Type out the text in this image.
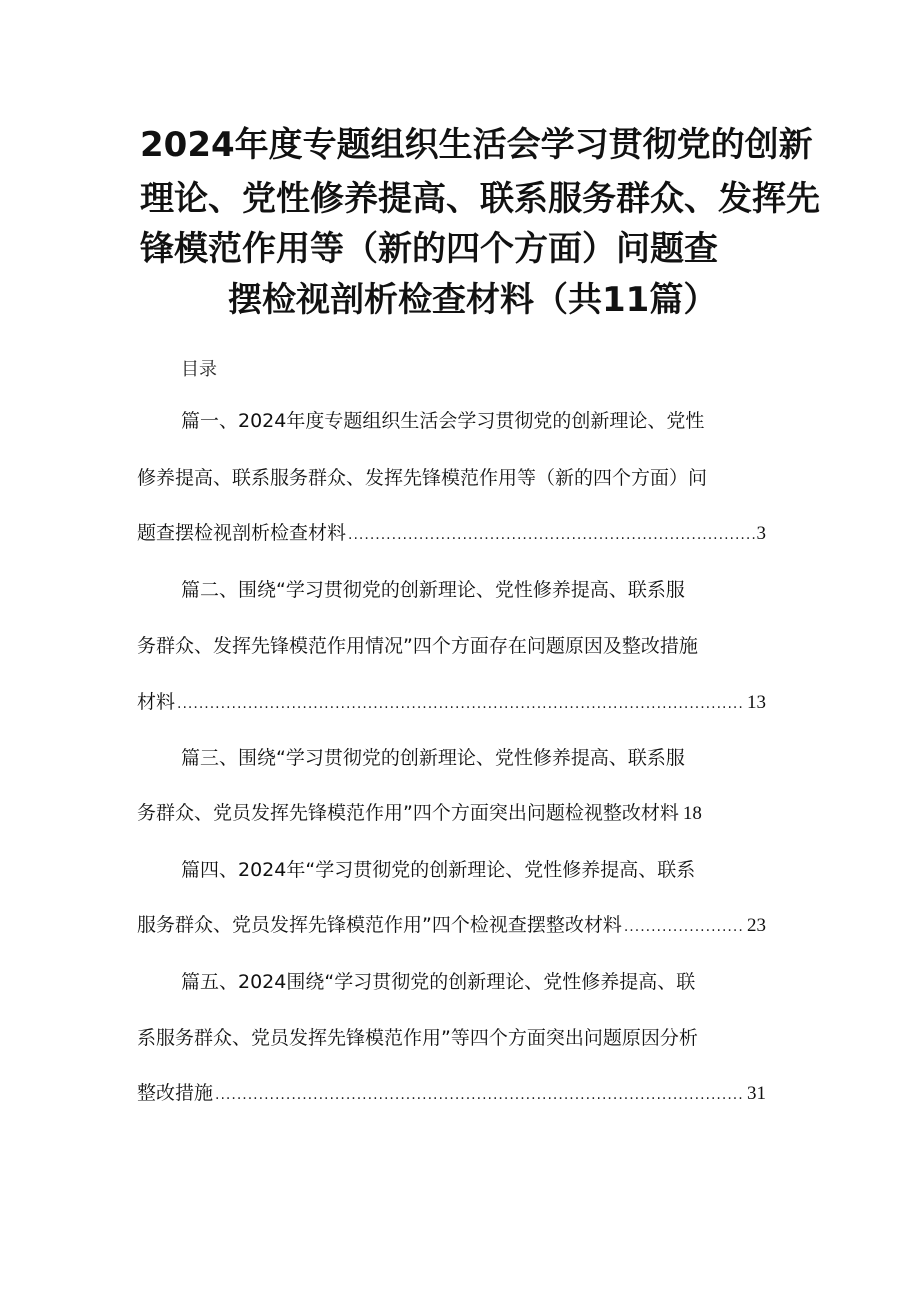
2024年度专题组织生活会学习贯彻党的创新
理论、党性修养提高、联系服务群众、发挥先
锋模范作用等（新的四个方面）问题查
摆检视剖析检查材料（共11篇）
目录
篇一、2024年度专题组织生活会学习贯彻党的创新理论、党性
修养提高、联系服务群众、发挥先锋模范作用等（新的四个方面）问
题查摆检视剖析检查材料 .....	3
篇二、围绕“学习贯彻党的创新理论、党性修养提高、联系服
务群众、发挥先锋模范作用情况”四个方面存在问题原因及整改措施
材料 .....	13
篇三、围绕“学习贯彻党的创新理论、党性修养提高、联系服
务群众、党员发挥先锋模范作用”四个方面突出问题检视整改材料 18
篇四、2024年“学习贯彻党的创新理论、党性修养提高、联系
服务群众、党员发挥先锋模范作用”四个检视查摆整改材料 .....	23
篇五、2024围绕“学习贯彻党的创新理论、党性修养提高、联
系服务群众、党员发挥先锋模范作用”等四个方面突出问题原因分析
整改措施 .....	31
